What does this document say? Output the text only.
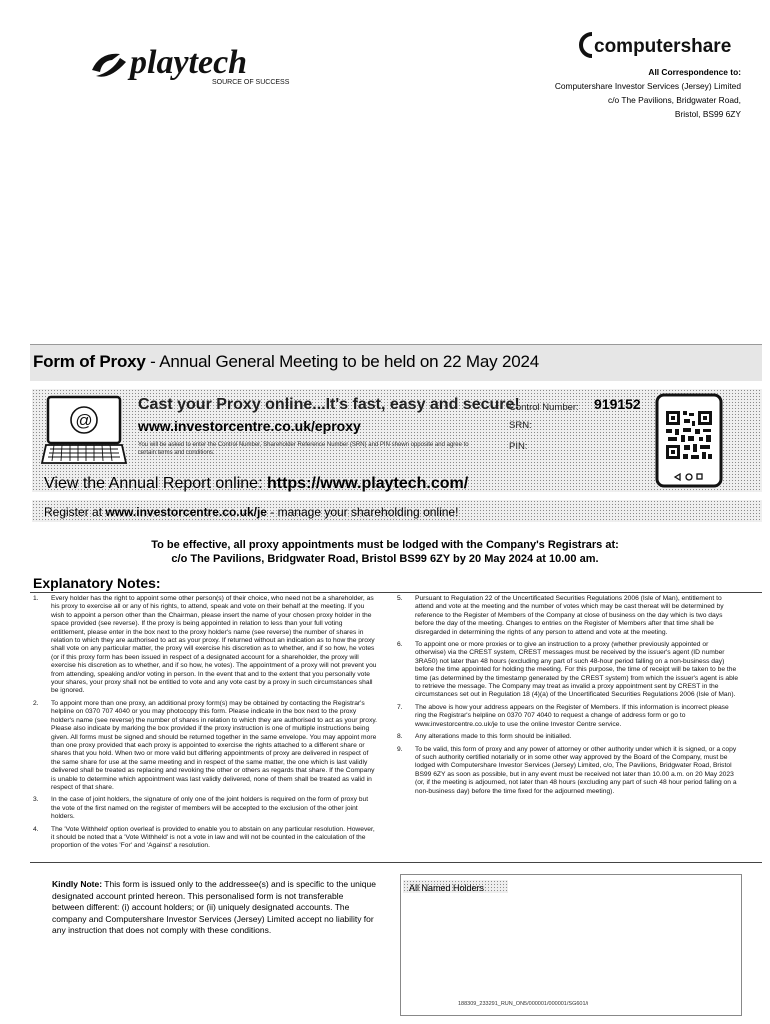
playtech
SOURCE OF SUCCESS
computershare
All Correspondence to:
Computershare Investor Services (Jersey) Limited
c/o The Pavilions, Bridgwater Road,
Bristol, BS99 6ZY
Form of Proxy - Annual General Meeting to be held on 22 May 2024
@
Cast your Proxy online...It's fast, easy and secure!
www.investorcentre.co.uk/eproxy
You will be asked to enter the Control Number, Shareholder Reference Number (SRN) and PIN shown opposite and agree to certain terms and conditions.
Control Number: 919152
SRN:
PIN:
View the Annual Report online: https://www.playtech.com/
Register at www.investorcentre.co.uk/je - manage your shareholding online!
To be effective, all proxy appointments must be lodged with the Company's Registrars at:
c/o The Pavilions, Bridgwater Road, Bristol BS99 6ZY by 20 May 2024 at 10.00 am.
Explanatory Notes:
1. Every holder has the right to appoint some other person(s) of their choice, who need not be a shareholder, as his proxy to exercise all or any of his rights, to attend, speak and vote on their behalf at the meeting. If you wish to appoint a person other than the Chairman, please insert the name of your chosen proxy holder in the space provided (see reverse). If the proxy is being appointed in relation to less than your full voting entitlement, please enter in the box next to the proxy holder's name (see reverse) the number of shares in relation to which they are authorised to act as your proxy. If returned without an indication as to how the proxy shall vote on any particular matter, the proxy will exercise his discretion as to whether, and if so how, he votes (or if this proxy form has been issued in respect of a designated account for a shareholder, the proxy will exercise his discretion as to whether, and if so how, he votes). The appointment of a proxy will not prevent you from attending, speaking and/or voting in person. In the event that and to the extent that you personally vote your shares, your proxy shall not be entitled to vote and any vote cast by a proxy in such circumstances shall be ignored.
2. To appoint more than one proxy, an additional proxy form(s) may be obtained by contacting the Registrar's helpline on 0370 707 4040 or you may photocopy this form. Please indicate in the box next to the proxy holder's name (see reverse) the number of shares in relation to which they are authorised to act as your proxy. Please also indicate by marking the box provided if the proxy instruction is one of multiple instructions being given. All forms must be signed and should be returned together in the same envelope. You may appoint more than one proxy provided that each proxy is appointed to exercise the rights attached to a different share or shares that you hold. When two or more valid but differing appointments of proxy are delivered in respect of the same share for use at the same meeting and in respect of the same matter, the one which is last validly delivered shall be treated as replacing and revoking the other or others as regards that share. If the Company is unable to determine which appointment was last validly delivered, none of them shall be treated as valid in respect of that share.
3. In the case of joint holders, the signature of only one of the joint holders is required on the form of proxy but the vote of the first named on the register of members will be accepted to the exclusion of the other joint holders.
4. The 'Vote Withheld' option overleaf is provided to enable you to abstain on any particular resolution. However, it should be noted that a 'Vote Withheld' is not a vote in law and will not be counted in the calculation of the proportion of the votes 'For' and 'Against' a resolution.
5. Pursuant to Regulation 22 of the Uncertificated Securities Regulations 2006 (Isle of Man), entitlement to attend and vote at the meeting and the number of votes which may be cast thereat will be determined by reference to the Register of Members of the Company at close of business on the day which is two days before the day of the meeting. Changes to entries on the Register of Members after that time shall be disregarded in determining the rights of any person to attend and vote at the meeting.
6. To appoint one or more proxies or to give an instruction to a proxy (whether previously appointed or otherwise) via the CREST system, CREST messages must be received by the issuer's agent (ID number 3RA50) not later than 48 hours (excluding any part of such 48-hour period falling on a non-business day) before the time appointed for holding the meeting. For this purpose, the time of receipt will be taken to be the time (as determined by the timestamp generated by the CREST system) from which the issuer's agent is able to retrieve the message. The Company may treat as invalid a proxy appointment sent by CREST in the circumstances set out in Regulation 18 (4)(a) of the Uncertificated Securities Regulations 2006 (Isle of Man).
7. The above is how your address appears on the Register of Members. If this information is incorrect please ring the Registrar's helpline on 0370 707 4040 to request a change of address form or go to www.investorcentre.co.uk/je to use the online Investor Centre service.
8. Any alterations made to this form should be initialled.
9. To be valid, this form of proxy and any power of attorney or other authority under which it is signed, or a copy of such authority certified notarially or in some other way approved by the Board of the Company, must be lodged with Computershare Investor Services (Jersey) Limited, c/o, The Pavilions, Bridgwater Road, Bristol BS99 6ZY as soon as possible, but in any event must be received not later than 10.00 a.m. on 20 May 2023 (or, if the meeting is adjourned, not later than 48 hours (excluding any part of such 48 hour period falling on a non-business day) before the time fixed for the adjourned meeting).
Kindly Note: This form is issued only to the addressee(s) and is specific to the unique designated account printed hereon. This personalised form is not transferable between different: (i) account holders; or (ii) uniquely designated accounts. The company and Computershare Investor Services (Jersey) Limited accept no liability for any instruction that does not comply with these conditions.
All Named Holders
188309_233291_RUN_ON5/000001/000001/SG601/i
